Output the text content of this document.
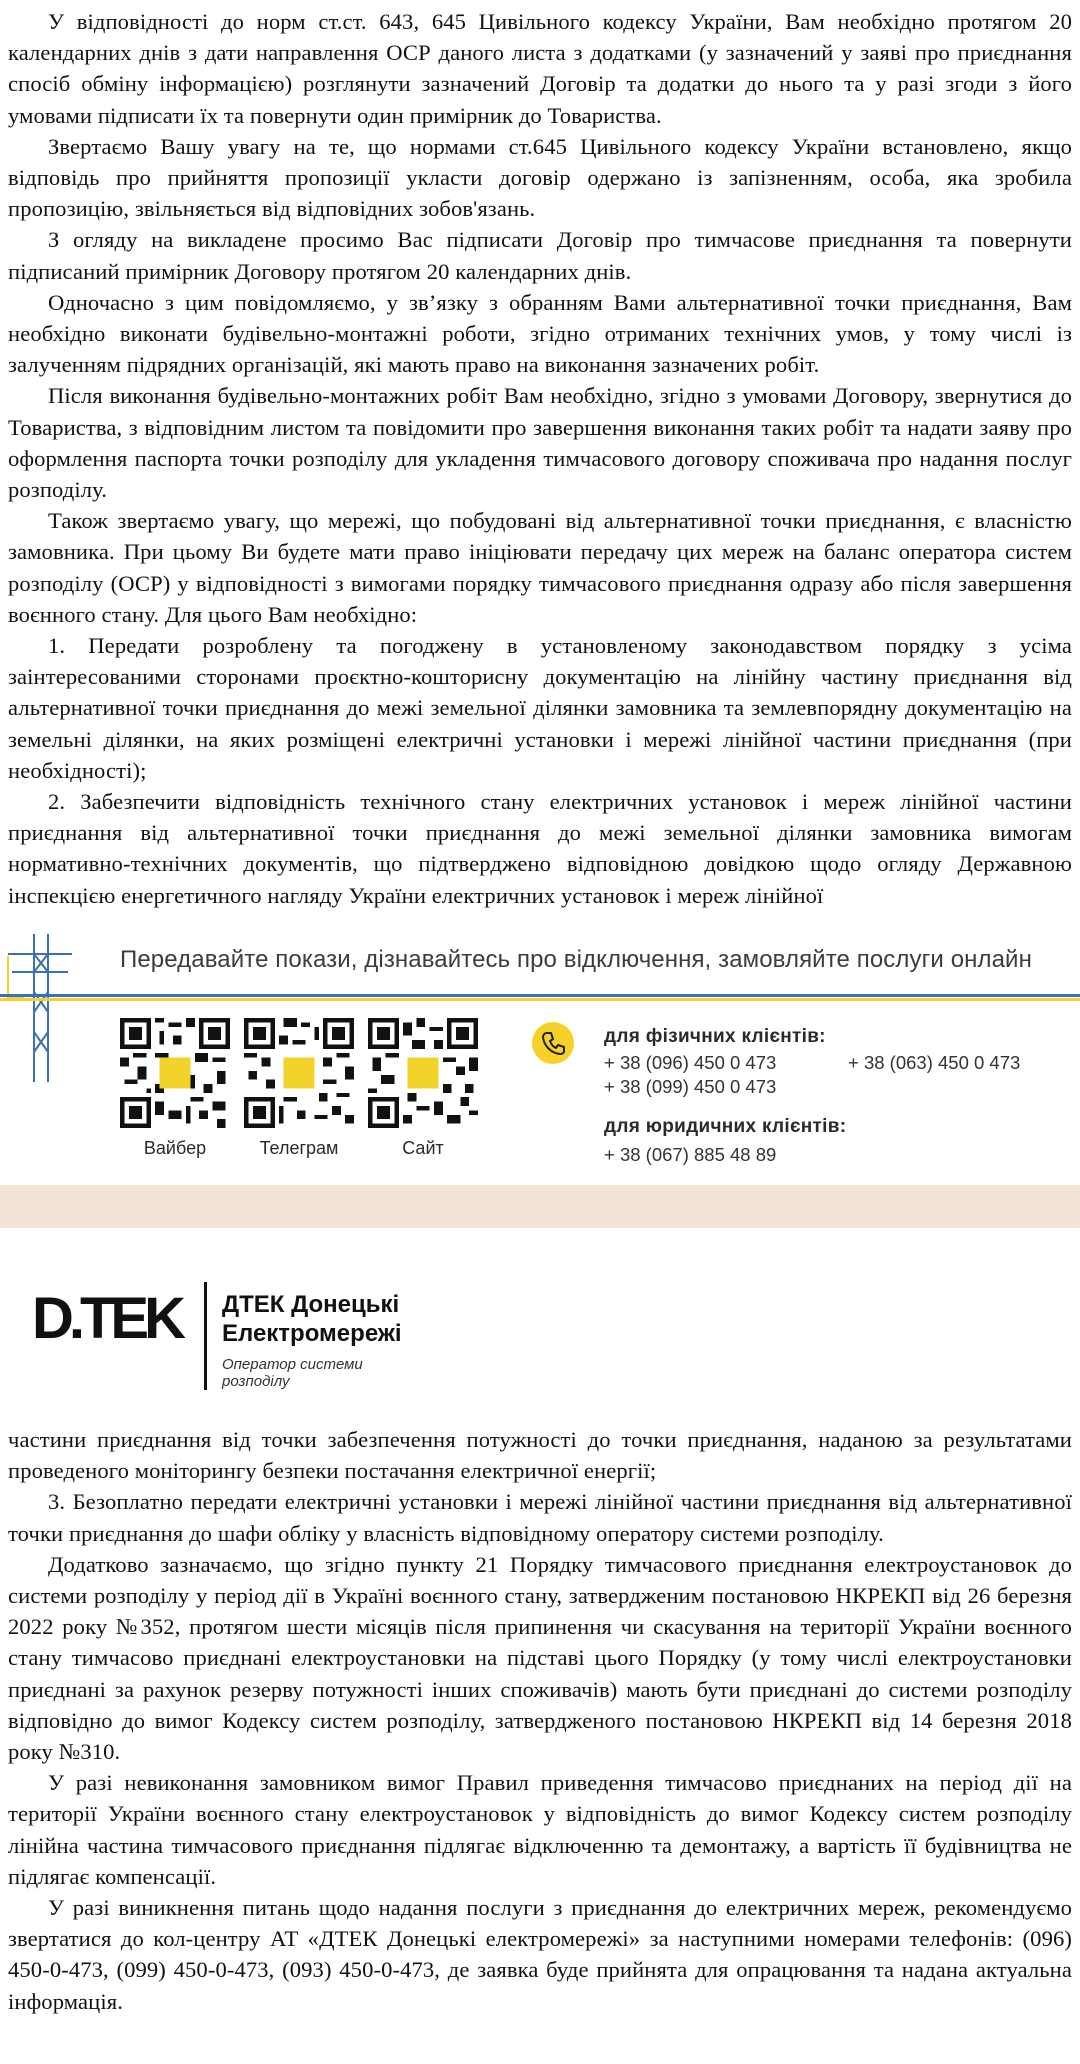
У відповідності до норм ст.ст. 643, 645 Цивільного кодексу України, Вам необхідно протягом 20 календарних днів з дати направлення ОСР даного листа з додатками (у зазначений у заяві про приєднання спосіб обміну інформацією) розглянути зазначений Договір та додатки до нього та у разі згоди з його умовами підписати їх та повернути один примірник до Товариства.

Звертаємо Вашу увагу на те, що нормами ст.645 Цивільного кодексу України встановлено, якщо відповідь про прийняття пропозиції укласти договір одержано із запізненням, особа, яка зробила пропозицію, звільняється від відповідних зобов'язань.

З огляду на викладене просимо Вас підписати Договір про тимчасове приєднання та повернути підписаний примірник Договору протягом 20 календарних днів.

Одночасно з цим повідомляємо, у зв’язку з обранням Вами альтернативної точки приєднання, Вам необхідно виконати будівельно-монтажні роботи, згідно отриманих технічних умов, у тому числі із залученням підрядних організацій, які мають право на виконання зазначених робіт.

Після виконання будівельно-монтажних робіт Вам необхідно, згідно з умовами Договору, звернутися до Товариства, з відповідним листом та повідомити про завершення виконання таких робіт та надати заяву про оформлення паспорта точки розподілу для укладення тимчасового договору споживача про надання послуг розподілу.

Також звертаємо увагу, що мережі, що побудовані від альтернативної точки приєднання, є власністю замовника. При цьому Ви будете мати право ініціювати передачу цих мереж на баланс оператора систем розподілу (ОСР) у відповідності з вимогами порядку тимчасового приєднання одразу або після завершення воєнного стану. Для цього Вам необхідно:

1. Передати розроблену та погоджену в установленому законодавством порядку з усіма заінтересованими сторонами проєктно-кошторисну документацію на лінійну частину приєднання від альтернативної точки приєднання до межі земельної ділянки замовника та землевпорядну документацію на земельні ділянки, на яких розміщені електричні установки і мережі лінійної частини приєднання (при необхідності);

2. Забезпечити відповідність технічного стану електричних установок і мереж лінійної частини приєднання від альтернативної точки приєднання до межі земельної ділянки замовника вимогам нормативно-технічних документів, що підтверджено відповідною довідкою щодо огляду Державною інспекцією енергетичного нагляду України електричних установок і мереж лінійної

Передавайте покази, дізнавайтесь про відключення, замовляйте послуги онлайн
Вайбер	Телеграм	Сайт
для фізичних клієнтів:
+ 38 (096) 450 0 473	+ 38 (063) 450 0 473
+ 38 (099) 450 0 473
для юридичних клієнтів:
+ 38 (067) 885 48 89
D.TEK ДТЕК Донецькі
Електромережі
Оператор системи
розподілу

частини приєднання від точки забезпечення потужності до точки приєднання, наданою за результатами проведеного моніторингу безпеки постачання електричної енергії;

3. Безоплатно передати електричні установки і мережі лінійної частини приєднання від альтернативної точки приєднання до шафи обліку у власність відповідному оператору системи розподілу.

Додатково зазначаємо, що згідно пункту 21 Порядку тимчасового приєднання електроустановок до системи розподілу у період дії в Україні воєнного стану, затвердженим постановою НКРЕКП від 26 березня 2022 року №352, протягом шести місяців після припинення чи скасування на території України воєнного стану тимчасово приєднані електроустановки на підставі цього Порядку (у тому числі електроустановки приєднані за рахунок резерву потужності інших споживачів) мають бути приєднані до системи розподілу відповідно до вимог Кодексу систем розподілу, затвердженого постановою НКРЕКП від 14 березня 2018 року №310.

У разі невиконання замовником вимог Правил приведення тимчасово приєднаних на період дії на території України воєнного стану електроустановок у відповідність до вимог Кодексу систем розподілу лінійна частина тимчасового приєднання підлягає відключенню та демонтажу, а вартість її будівництва не підлягає компенсації.

У разі виникнення питань щодо надання послуги з приєднання до електричних мереж, рекомендуємо звертатися до кол-центру АТ «ДТЕК Донецькі електромережі» за наступними номерами телефонів: (096) 450-0-473, (099) 450-0-473, (093) 450-0-473, де заявка буде прийнята для опрацювання та надана актуальна інформація.
